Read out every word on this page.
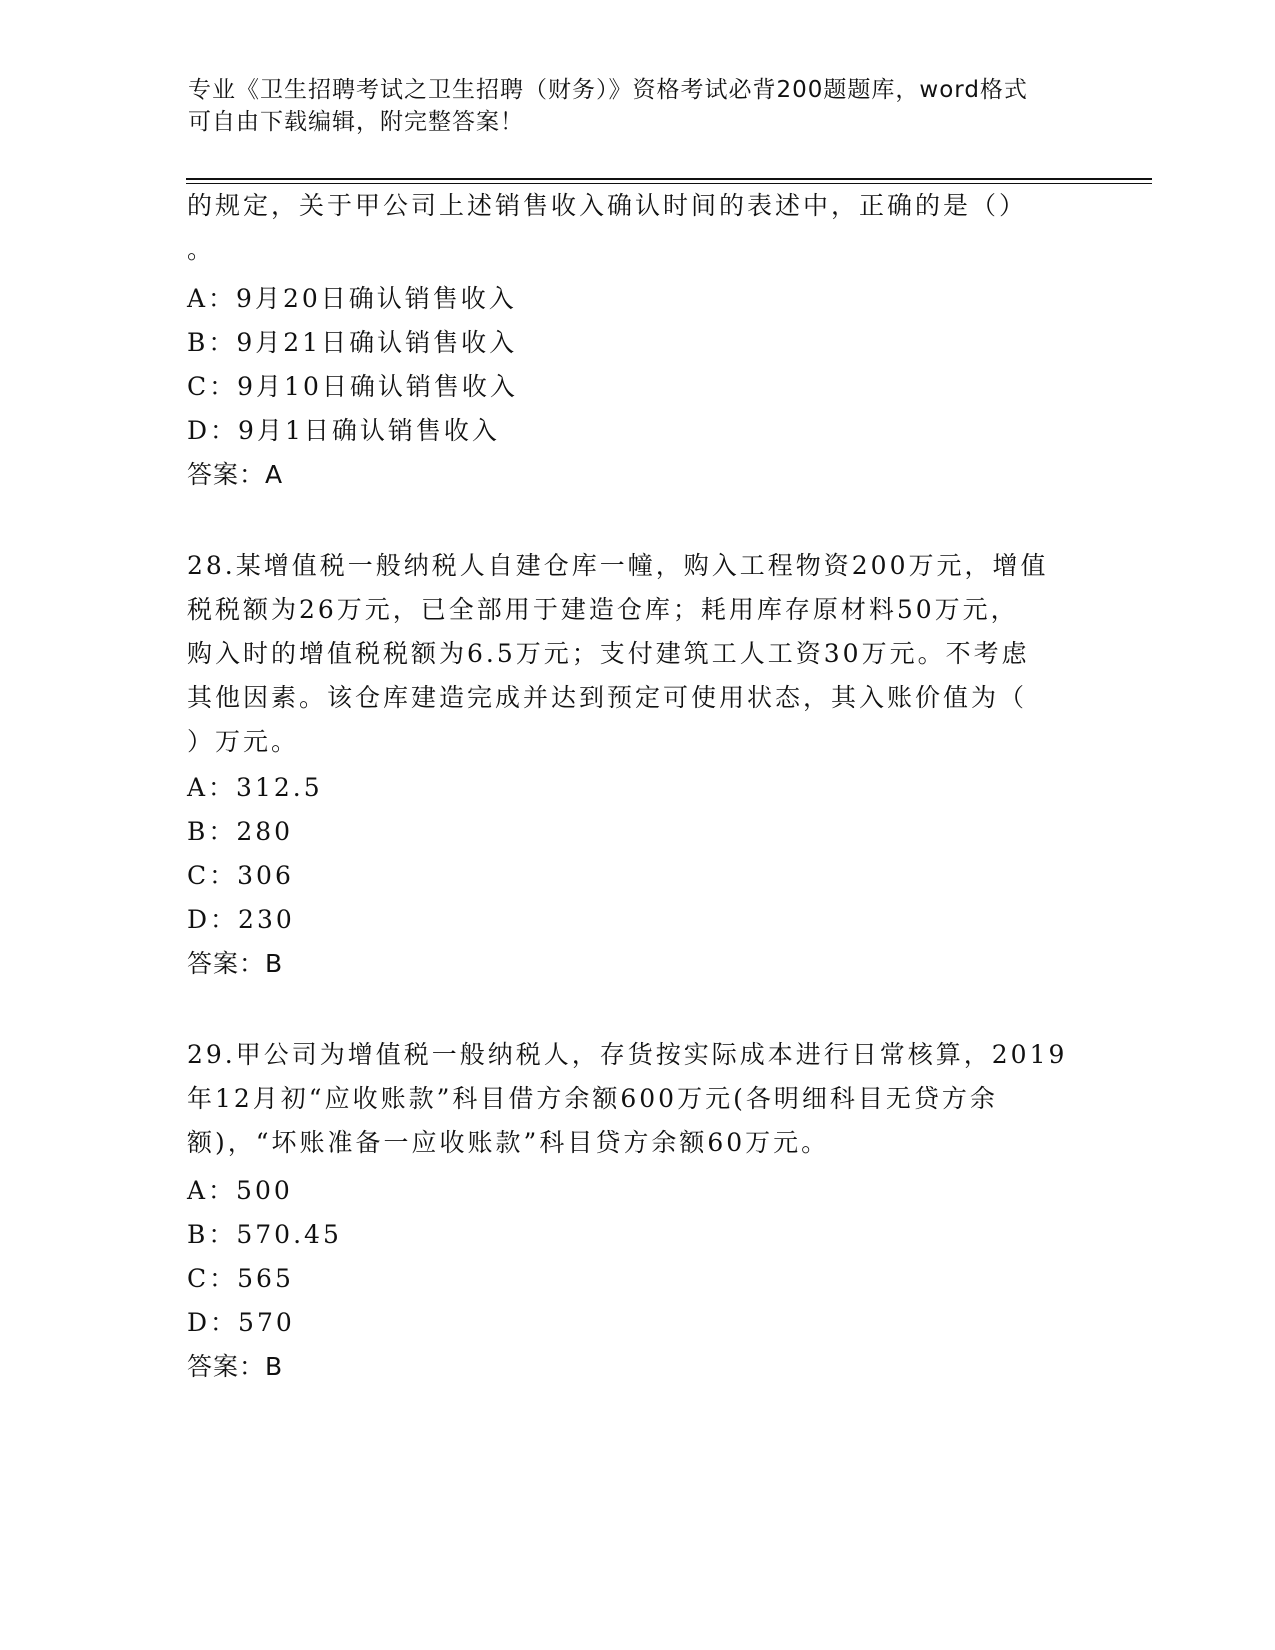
专业《卫生招聘考试之卫生招聘（财务）》资格考试必背200题题库，word格式
可自由下载编辑，附完整答案！
的规定，关于甲公司上述销售收入确认时间的表述中，正确的是（）
。
A：9月20日确认销售收入
B：9月21日确认销售收入
C：9月10日确认销售收入
D：9月1日确认销售收入
答案：A
28.某增值税一般纳税人自建仓库一幢，购入工程物资200万元，增值
税税额为26万元，已全部用于建造仓库；耗用库存原材料50万元，
购入时的增值税税额为6.5万元；支付建筑工人工资30万元。不考虑
其他因素。该仓库建造完成并达到预定可使用状态，其入账价值为（
）万元。
A：312.5
B：280
C：306
D：230
答案：B
29.甲公司为增值税一般纳税人，存货按实际成本进行日常核算，2019
年12月初“应收账款”科目借方余额600万元(各明细科目无贷方余
额)，“坏账准备一应收账款”科目贷方余额60万元。
A：500
B：570.45
C：565
D：570
答案：B
